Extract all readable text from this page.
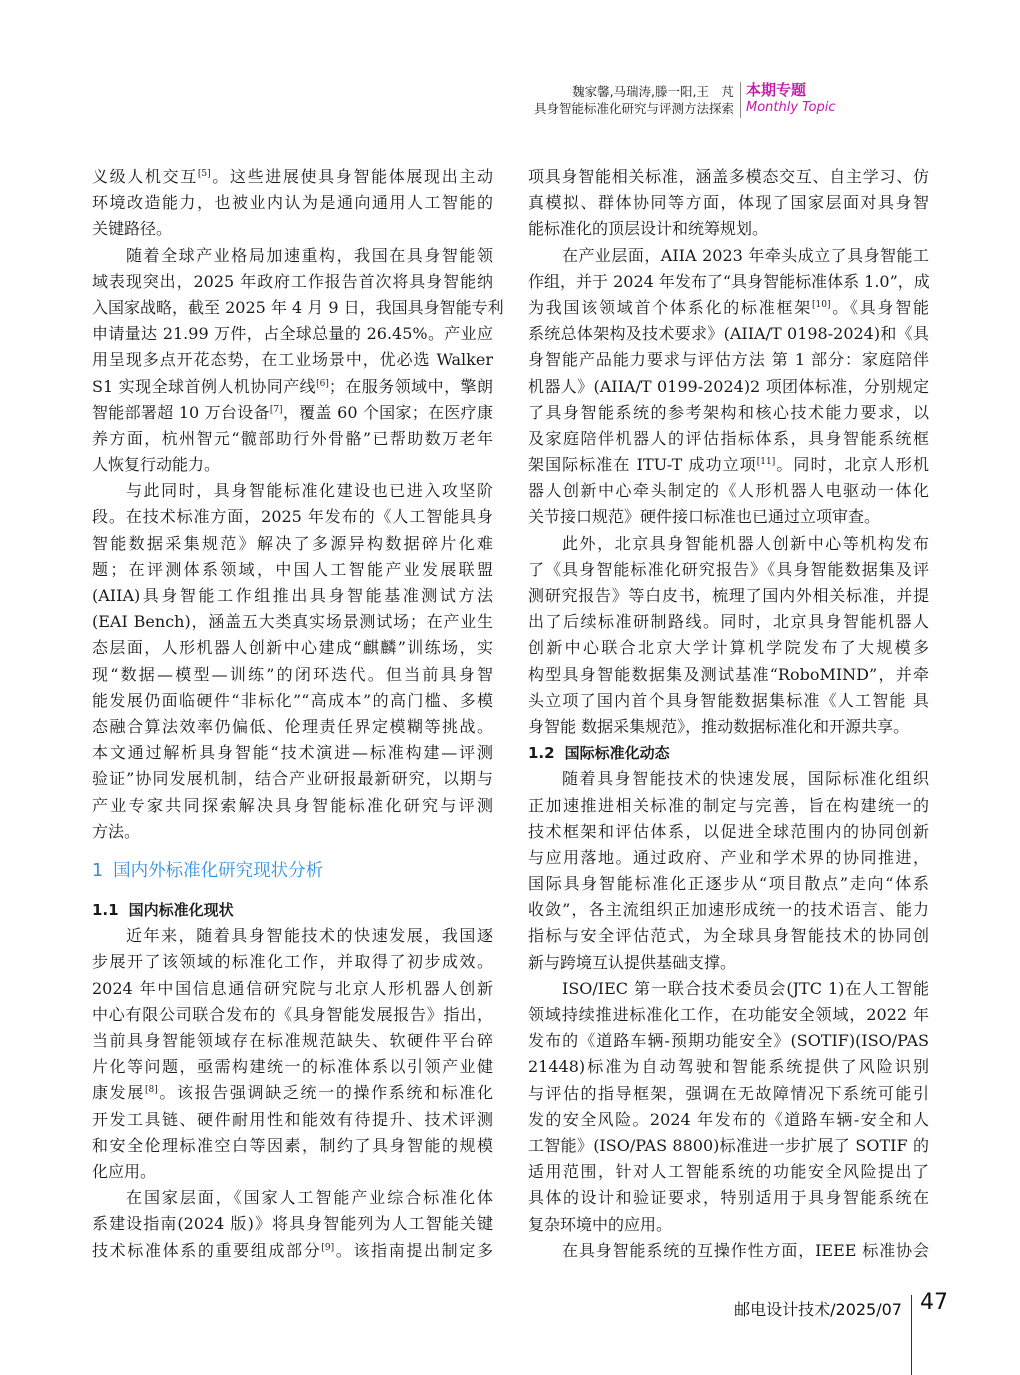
魏家馨,马瑞涛,滕一阳,王　芃
具身智能标准化研究与评测方法探索
本期专题
Monthly Topic
义级人机交互[5]。这些进展使具身智能体展现出主动
环境改造能力，也被业内认为是通向通用人工智能的
关键路径。
随着全球产业格局加速重构，我国在具身智能领
域表现突出，2025 年政府工作报告首次将具身智能纳
入国家战略，截至 2025 年 4 月 9 日，我国具身智能专利
申请量达 21.99 万件，占全球总量的 26.45%。产业应
用呈现多点开花态势，在工业场景中，优必选 Walker
S1 实现全球首例人机协同产线[6]；在服务领域中，擎朗
智能部署超 10 万台设备[7]，覆盖 60 个国家；在医疗康
养方面，杭州智元“髋部助行外骨骼”已帮助数万老年
人恢复行动能力。
与此同时，具身智能标准化建设也已进入攻坚阶
段。在技术标准方面，2025 年发布的《人工智能具身
智能数据采集规范》解决了多源异构数据碎片化难
题；在评测体系领域，中国人工智能产业发展联盟
(AIIA)具身智能工作组推出具身智能基准测试方法
(EAI Bench)，涵盖五大类真实场景测试场；在产业生
态层面，人形机器人创新中心建成“麒麟”训练场，实
现“数据—模型—训练”的闭环迭代。但当前具身智
能发展仍面临硬件“非标化”“高成本”的高门槛、多模
态融合算法效率仍偏低、伦理责任界定模糊等挑战。
本文通过解析具身智能“技术演进—标准构建—评测
验证”协同发展机制，结合产业研报最新研究，以期与
产业专家共同探索解决具身智能标准化研究与评测
方法。
1 国内外标准化研究现状分析
1.1 国内标准化现状
近年来，随着具身智能技术的快速发展，我国逐
步展开了该领域的标准化工作，并取得了初步成效。
2024 年中国信息通信研究院与北京人形机器人创新
中心有限公司联合发布的《具身智能发展报告》指出，
当前具身智能领域存在标准规范缺失、软硬件平台碎
片化等问题，亟需构建统一的标准体系以引领产业健
康发展[8]。该报告强调缺乏统一的操作系统和标准化
开发工具链、硬件耐用性和能效有待提升、技术评测
和安全伦理标准空白等因素，制约了具身智能的规模
化应用。
在国家层面，《国家人工智能产业综合标准化体
系建设指南(2024 版)》将具身智能列为人工智能关键
技术标准体系的重要组成部分[9]。该指南提出制定多
项具身智能相关标准，涵盖多模态交互、自主学习、仿
真模拟、群体协同等方面，体现了国家层面对具身智
能标准化的顶层设计和统筹规划。
在产业层面，AIIA 2023 年牵头成立了具身智能工
作组，并于 2024 年发布了“具身智能标准体系 1.0”，成
为我国该领域首个体系化的标准框架[10]。《具身智能
系统总体架构及技术要求》(AIIA/T 0198-2024)和《具
身智能产品能力要求与评估方法 第 1 部分：家庭陪伴
机器人》(AIIA/T 0199-2024)2 项团体标准，分别规定
了具身智能系统的参考架构和核心技术能力要求，以
及家庭陪伴机器人的评估指标体系，具身智能系统框
架国际标准在 ITU-T 成功立项[11]。同时，北京人形机
器人创新中心牵头制定的《人形机器人电驱动一体化
关节接口规范》硬件接口标准也已通过立项审查。
此外，北京具身智能机器人创新中心等机构发布
了《具身智能标准化研究报告》《具身智能数据集及评
测研究报告》等白皮书，梳理了国内外相关标准，并提
出了后续标准研制路线。同时，北京具身智能机器人
创新中心联合北京大学计算机学院发布了大规模多
构型具身智能数据集及测试基准“RoboMIND”，并牵
头立项了国内首个具身智能数据集标准《人工智能 具
身智能 数据采集规范》，推动数据标准化和开源共享。
1.2 国际标准化动态
随着具身智能技术的快速发展，国际标准化组织
正加速推进相关标准的制定与完善，旨在构建统一的
技术框架和评估体系，以促进全球范围内的协同创新
与应用落地。通过政府、产业和学术界的协同推进，
国际具身智能标准化正逐步从“项目散点”走向“体系
收敛”，各主流组织正加速形成统一的技术语言、能力
指标与安全评估范式，为全球具身智能技术的协同创
新与跨境互认提供基础支撑。
ISO/IEC 第一联合技术委员会(JTC 1)在人工智能
领域持续推进标准化工作，在功能安全领域，2022 年
发布的《道路车辆-预期功能安全》(SOTIF)(ISO/PAS
21448)标准为自动驾驶和智能系统提供了风险识别
与评估的指导框架，强调在无故障情况下系统可能引
发的安全风险。2024 年发布的《道路车辆-安全和人
工智能》(ISO/PAS 8800)标准进一步扩展了 SOTIF 的
适用范围，针对人工智能系统的功能安全风险提出了
具体的设计和验证要求，特别适用于具身智能系统在
复杂环境中的应用。
在具身智能系统的互操作性方面，IEEE 标准协会
邮电设计技术/2025/07 47
